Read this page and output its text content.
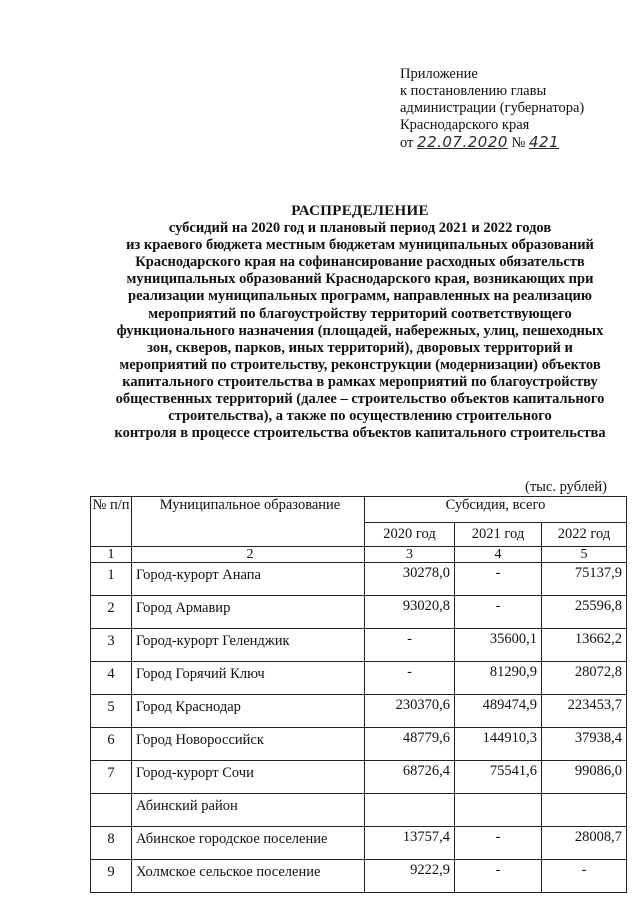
Приложение
к постановлению главы
администрации (губернатора)
Краснодарского края
от 22.07.2020 № 421
РАСПРЕДЕЛЕНИЕ
субсидий на 2020 год и плановый период 2021 и 2022 годов
из краевого бюджета местным бюджетам муниципальных образований
Краснодарского края на софинансирование расходных обязательств
муниципальных образований Краснодарского края, возникающих при
реализации муниципальных программ, направленных на реализацию
мероприятий по благоустройству территорий соответствующего
функционального назначения (площадей, набережных, улиц, пешеходных
зон, скверов, парков, иных территорий), дворовых территорий и
мероприятий по строительству, реконструкции (модернизации) объектов
капитального строительства в рамках мероприятий по благоустройству
общественных территорий (далее – строительство объектов капитального
строительства), а также по осуществлению строительного
контроля в процессе строительства объектов капитального строительства
(тыс. рублей)
№ п/п	Муниципальное образование	Субсидия, всего		
		2020 год	2021 год	2022 год
1	2	3	4	5
1	Город-курорт Анапа	30278,0	-	75137,9
2	Город Армавир	93020,8	-	25596,8
3	Город-курорт Геленджик	-	35600,1	13662,2
4	Город Горячий Ключ	-	81290,9	28072,8
5	Город Краснодар	230370,6	489474,9	223453,7
6	Город Новороссийск	48779,6	144910,3	37938,4
7	Город-курорт Сочи	68726,4	75541,6	99086,0
	Абинский район			
8	Абинское городское поселение	13757,4	-	28008,7
9	Холмское сельское поселение	9222,9	-	-
